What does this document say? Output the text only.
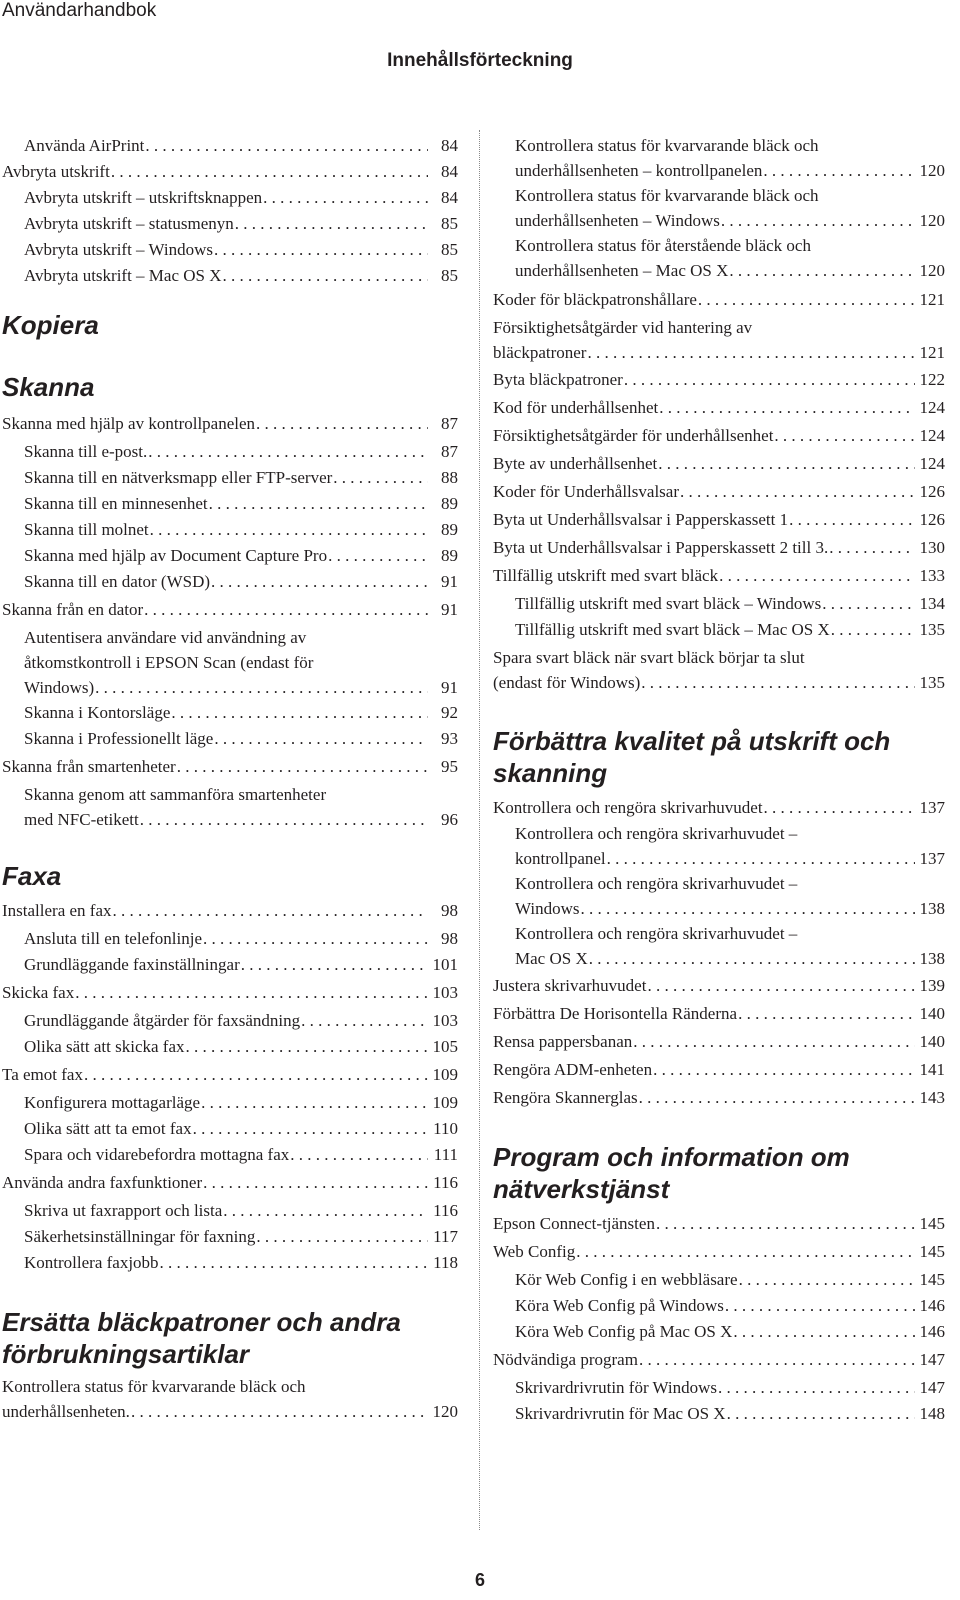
Användarhandbok
Innehållsförteckning
Använda AirPrint . . .	84
Avbryta utskrift . . .	84
Avbryta utskrift – utskriftsknappen . . .	84
Avbryta utskrift – statusmenyn . . .	85
Avbryta utskrift – Windows . . .	85
Avbryta utskrift – Mac OS X . . .	85
Kopiera
Skanna
Skanna med hjälp av kontrollpanelen . . .	87
Skanna till e-post. . . .	87
Skanna till en nätverksmapp eller FTP-server . . .	88
Skanna till en minnesenhet . . .	89
Skanna till molnet . . .	89
Skanna med hjälp av Document Capture Pro . . .	89
Skanna till en dator (WSD) . . .	91
Skanna från en dator . . .	91
Autentisera användare vid användning av
åtkomstkontroll i EPSON Scan (endast för
Windows) . . .	91
Skanna i Kontorsläge . . .	92
Skanna i Professionellt läge . . .	93
Skanna från smartenheter . . .	95
Skanna genom att sammanföra smartenheter
med NFC-etikett . . .	96
Faxa
Installera en fax . . .	98
Ansluta till en telefonlinje . . .	98
Grundläggande faxinställningar . . .	101
Skicka fax . . .	103
Grundläggande åtgärder för faxsändning . . .	103
Olika sätt att skicka fax . . .	105
Ta emot fax . . .	109
Konfigurera mottagarläge . . .	109
Olika sätt att ta emot fax . . .	110
Spara och vidarebefordra mottagna fax . . .	111
Använda andra faxfunktioner . . .	116
Skriva ut faxrapport och lista . . .	116
Säkerhetsinställningar för faxning . . .	117
Kontrollera faxjobb . . .	118
Ersätta bläckpatroner och andra
förbrukningsartiklar
Kontrollera status för kvarvarande bläck och
underhållsenheten. . . .	120
Kontrollera status för kvarvarande bläck och
underhållsenheten – kontrollpanelen . . .	120
Kontrollera status för kvarvarande bläck och
underhållsenheten – Windows . . .	120
Kontrollera status för återstående bläck och
underhållsenheten – Mac OS X . . .	120
Koder för bläckpatronshållare . . .	121
Försiktighetsåtgärder vid hantering av
bläckpatroner . . .	121
Byta bläckpatroner . . .	122
Kod för underhållsenhet . . .	124
Försiktighetsåtgärder för underhållsenhet . . .	124
Byte av underhållsenhet . . .	124
Koder för Underhållsvalsar . . .	126
Byta ut Underhållsvalsar i Papperskassett 1 . . .	126
Byta ut Underhållsvalsar i Papperskassett 2 till 3. . . .	130
Tillfällig utskrift med svart bläck . . .	133
Tillfällig utskrift med svart bläck – Windows . . .	134
Tillfällig utskrift med svart bläck – Mac OS X . . .	135
Spara svart bläck när svart bläck börjar ta slut
(endast för Windows) . . .	135
Förbättra kvalitet på utskrift och
skanning
Kontrollera och rengöra skrivarhuvudet . . .	137
Kontrollera och rengöra skrivarhuvudet –
kontrollpanel . . .	137
Kontrollera och rengöra skrivarhuvudet –
Windows . . .	138
Kontrollera och rengöra skrivarhuvudet –
Mac OS X . . .	138
Justera skrivarhuvudet . . .	139
Förbättra De Horisontella Ränderna . . .	140
Rensa pappersbanan . . .	140
Rengöra ADM-enheten . . .	141
Rengöra Skannerglas . . .	143
Program och information om
nätverkstjänst
Epson Connect-tjänsten . . .	145
Web Config . . .	145
Kör Web Config i en webbläsare . . .	145
Köra Web Config på Windows . . .	146
Köra Web Config på Mac OS X . . .	146
Nödvändiga program . . .	147
Skrivardrivrutin för Windows . . .	147
Skrivardrivrutin för Mac OS X . . .	148
6
